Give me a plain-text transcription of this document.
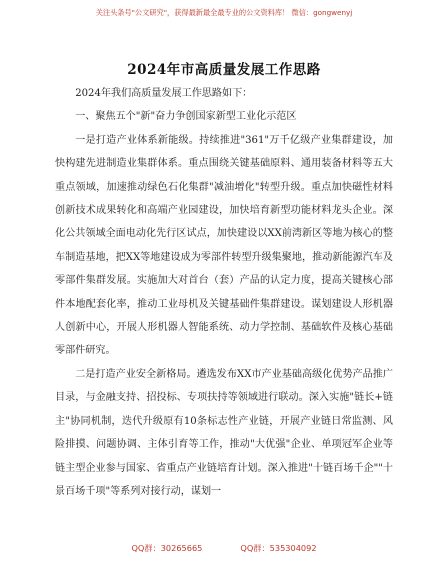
关注头条号"公文研究"，获得最新最全最专业的公文资料库！ 微信：gongwenyj
2024年市高质量发展工作思路

2024年我们高质量发展工作思路如下：

一、聚焦五个"新"奋力争创国家新型工业化示范区

一是打造产业体系新能级。持续推进"361"万千亿级产业集群建设，加快构建先进制造业集群体系。重点围绕关键基础原料、通用装备材料等五大重点领域，加速推动绿色石化集群"减油增化"转型升级。重点加快磁性材料创新技术成果转化和高端产业园建设，加快培育新型功能材料龙头企业。深化公共领域全面电动化先行区试点，加快建设以XX前湾新区等地为核心的整车制造基地，把XX等地建设成为零部件转型升级集聚地，推动新能源汽车及零部件集群发展。实施加大对首台（套）产品的认定力度，提高关键核心部件本地配套化率，推动工业母机及关键基础件集群建设。谋划建设人形机器人创新中心，开展人形机器人智能系统、动力学控制、基础软件及核心基础零部件研究。

二是打造产业安全新格局。遴选发布XX市产业基础高级化优势产品推广目录，与金融支持、招投标、专项扶持等领域进行联动。深入实施"链长+链主"协同机制，迭代升级原有10条标志性产业链，开展产业链日常监测、风险排摸、问题协调、主体引育等工作，推动"大优强"企业、单项冠军企业等链主型企业参与国家、省重点产业链培育计划。深入推进"十链百场千企""十景百场千项"等系列对接行动，谋划一

QQ群：30265665	QQ群：535304092
